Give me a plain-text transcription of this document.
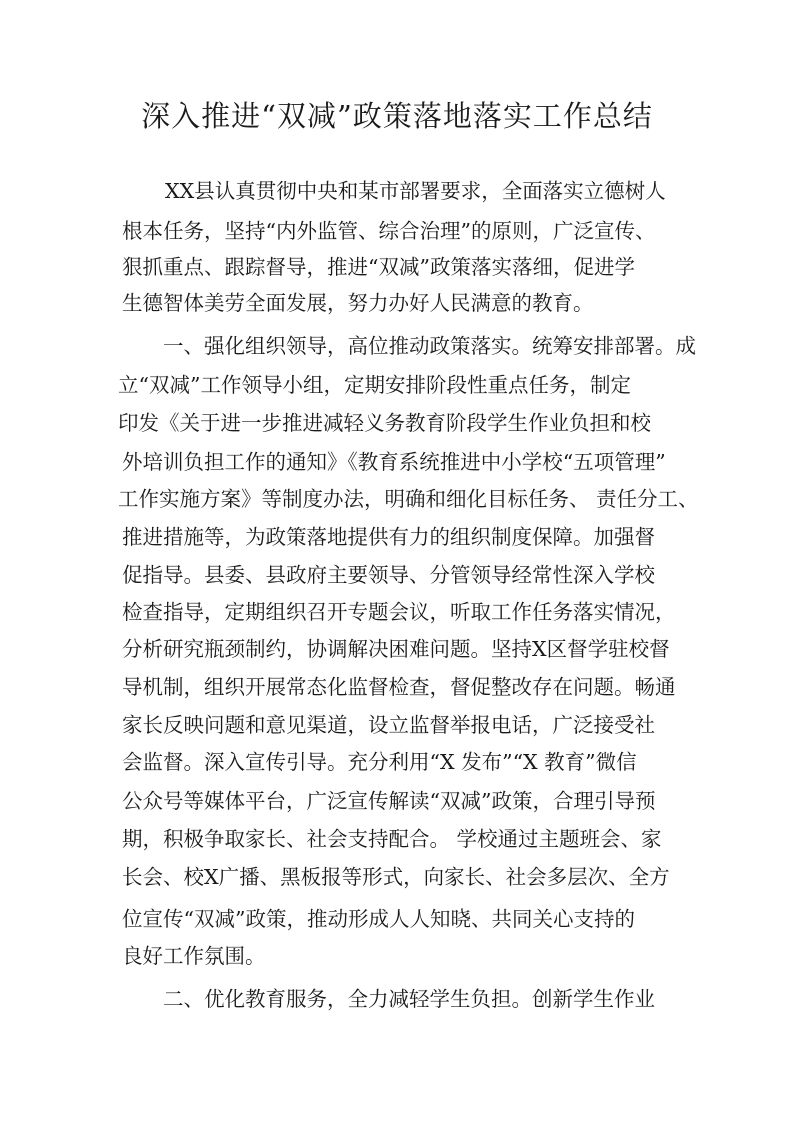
深入推进“双减”政策落地落实工作总结
XX县认真贯彻中央和某市部署要求，全面落实立德树人
根本任务，坚持“内外监管、综合治理”的原则，广泛宣传、
狠抓重点、跟踪督导，推进“双减”政策落实落细，促进学
生德智体美劳全面发展，努力办好人民满意的教育。
一、强化组织领导，高位推动政策落实。统筹安排部署。成
立“双减”工作领导小组，定期安排阶段性重点任务，制定
印发《关于进一步推进减轻义务教育阶段学生作业负担和校
外培训负担工作的通知》《教育系统推进中小学校“五项管理”
工作实施方案》等制度办法，明确和细化目标任务、 责任分工、
推进措施等，为政策落地提供有力的组织制度保障。加强督
促指导。县委、县政府主要领导、分管领导经常性深入学校
检查指导，定期组织召开专题会议，听取工作任务落实情况，
分析研究瓶颈制约，协调解决困难问题。坚持X区督学驻校督
导机制，组织开展常态化监督检查，督促整改存在问题。畅通
家长反映问题和意见渠道，设立监督举报电话，广泛接受社
会监督。深入宣传引导。充分利用“X 发布”“X 教育”微信
公众号等媒体平台，广泛宣传解读“双减”政策，合理引导预
期，积极争取家长、社会支持配合。 学校通过主题班会、家
长会、校X广播、黑板报等形式，向家长、社会多层次、全方
位宣传“双减”政策，推动形成人人知晓、共同关心支持的
良好工作氛围。
二、优化教育服务，全力减轻学生负担。创新学生作业
